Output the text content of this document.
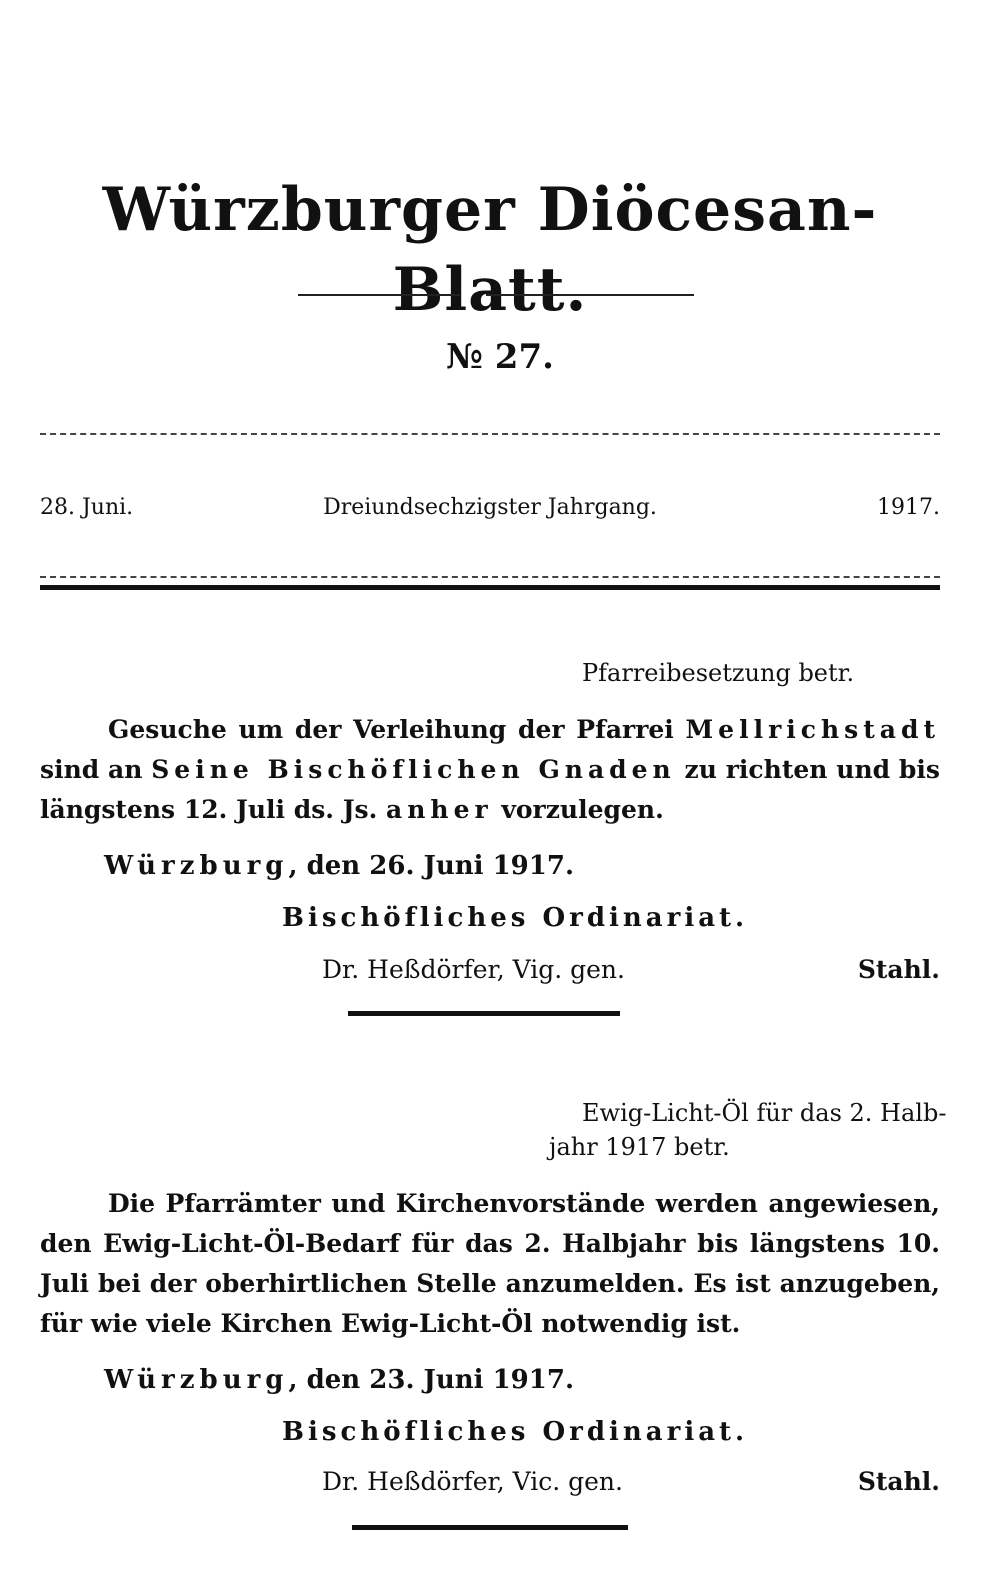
Würzburger Diöcesan-Blatt.
№ 27.
28. Juni.	Dreiundsechzigster Jahrgang.	1917.
Pfarreibesetzung betr.

Gesuche um der Verleihung der Pfarrei Mellrichstadt sind an Seine Bischöflichen Gnaden zu richten und bis längstens 12. Juli ds. Js. anher vorzulegen.

Würzburg, den 26. Juni 1917.
Bischöfliches Ordinariat.
Dr. Heßdörfer, Vig. gen.	Stahl.
Ewig-Licht-Öl für das 2. Halb-
jahr 1917 betr.

Die Pfarrämter und Kirchenvorstände werden angewiesen, den Ewig-Licht-Öl-Bedarf für das 2. Halbjahr bis längstens 10. Juli bei der oberhirtlichen Stelle anzumelden. Es ist anzugeben, für wie viele Kirchen Ewig-Licht-Öl notwendig ist.

Würzburg, den 23. Juni 1917.
Bischöfliches Ordinariat.
Dr. Heßdörfer, Vic. gen.	Stahl.
